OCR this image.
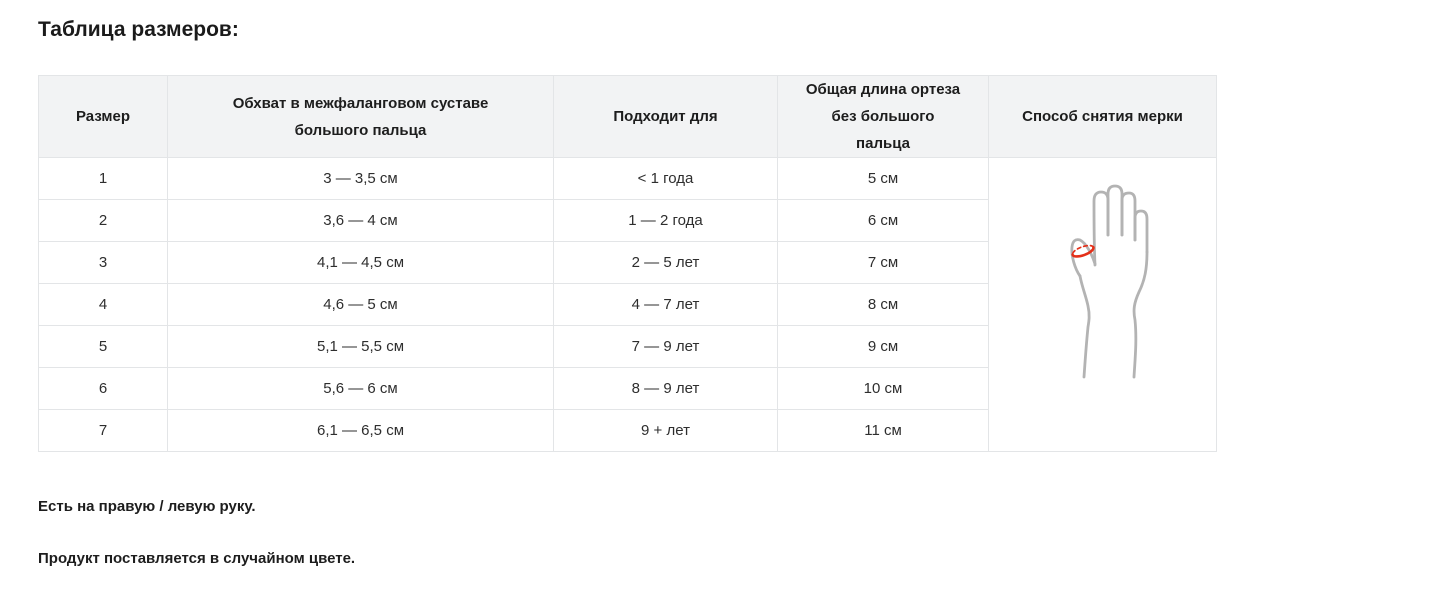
Таблица размеров:
Размер	Обхват в межфаланговом суставе большого пальца	Подходит для	Общая длина ортеза без большого пальца	Способ снятия мерки
1	3 — 3,5 см	< 1 года	5 см	

2	3,6 — 4 см	1 — 2 года	6 см	
3	4,1 — 4,5 см	2 — 5 лет	7 см	
4	4,6 — 5 см	4 — 7 лет	8 см	
5	5,1 — 5,5 см	7 — 9 лет	9 см	
6	5,6 — 6 см	8 — 9 лет	10 см	
7	6,1 — 6,5 см	9 + лет	11 см	

Есть на правую / левую руку.

Продукт поставляется в случайном цвете.
